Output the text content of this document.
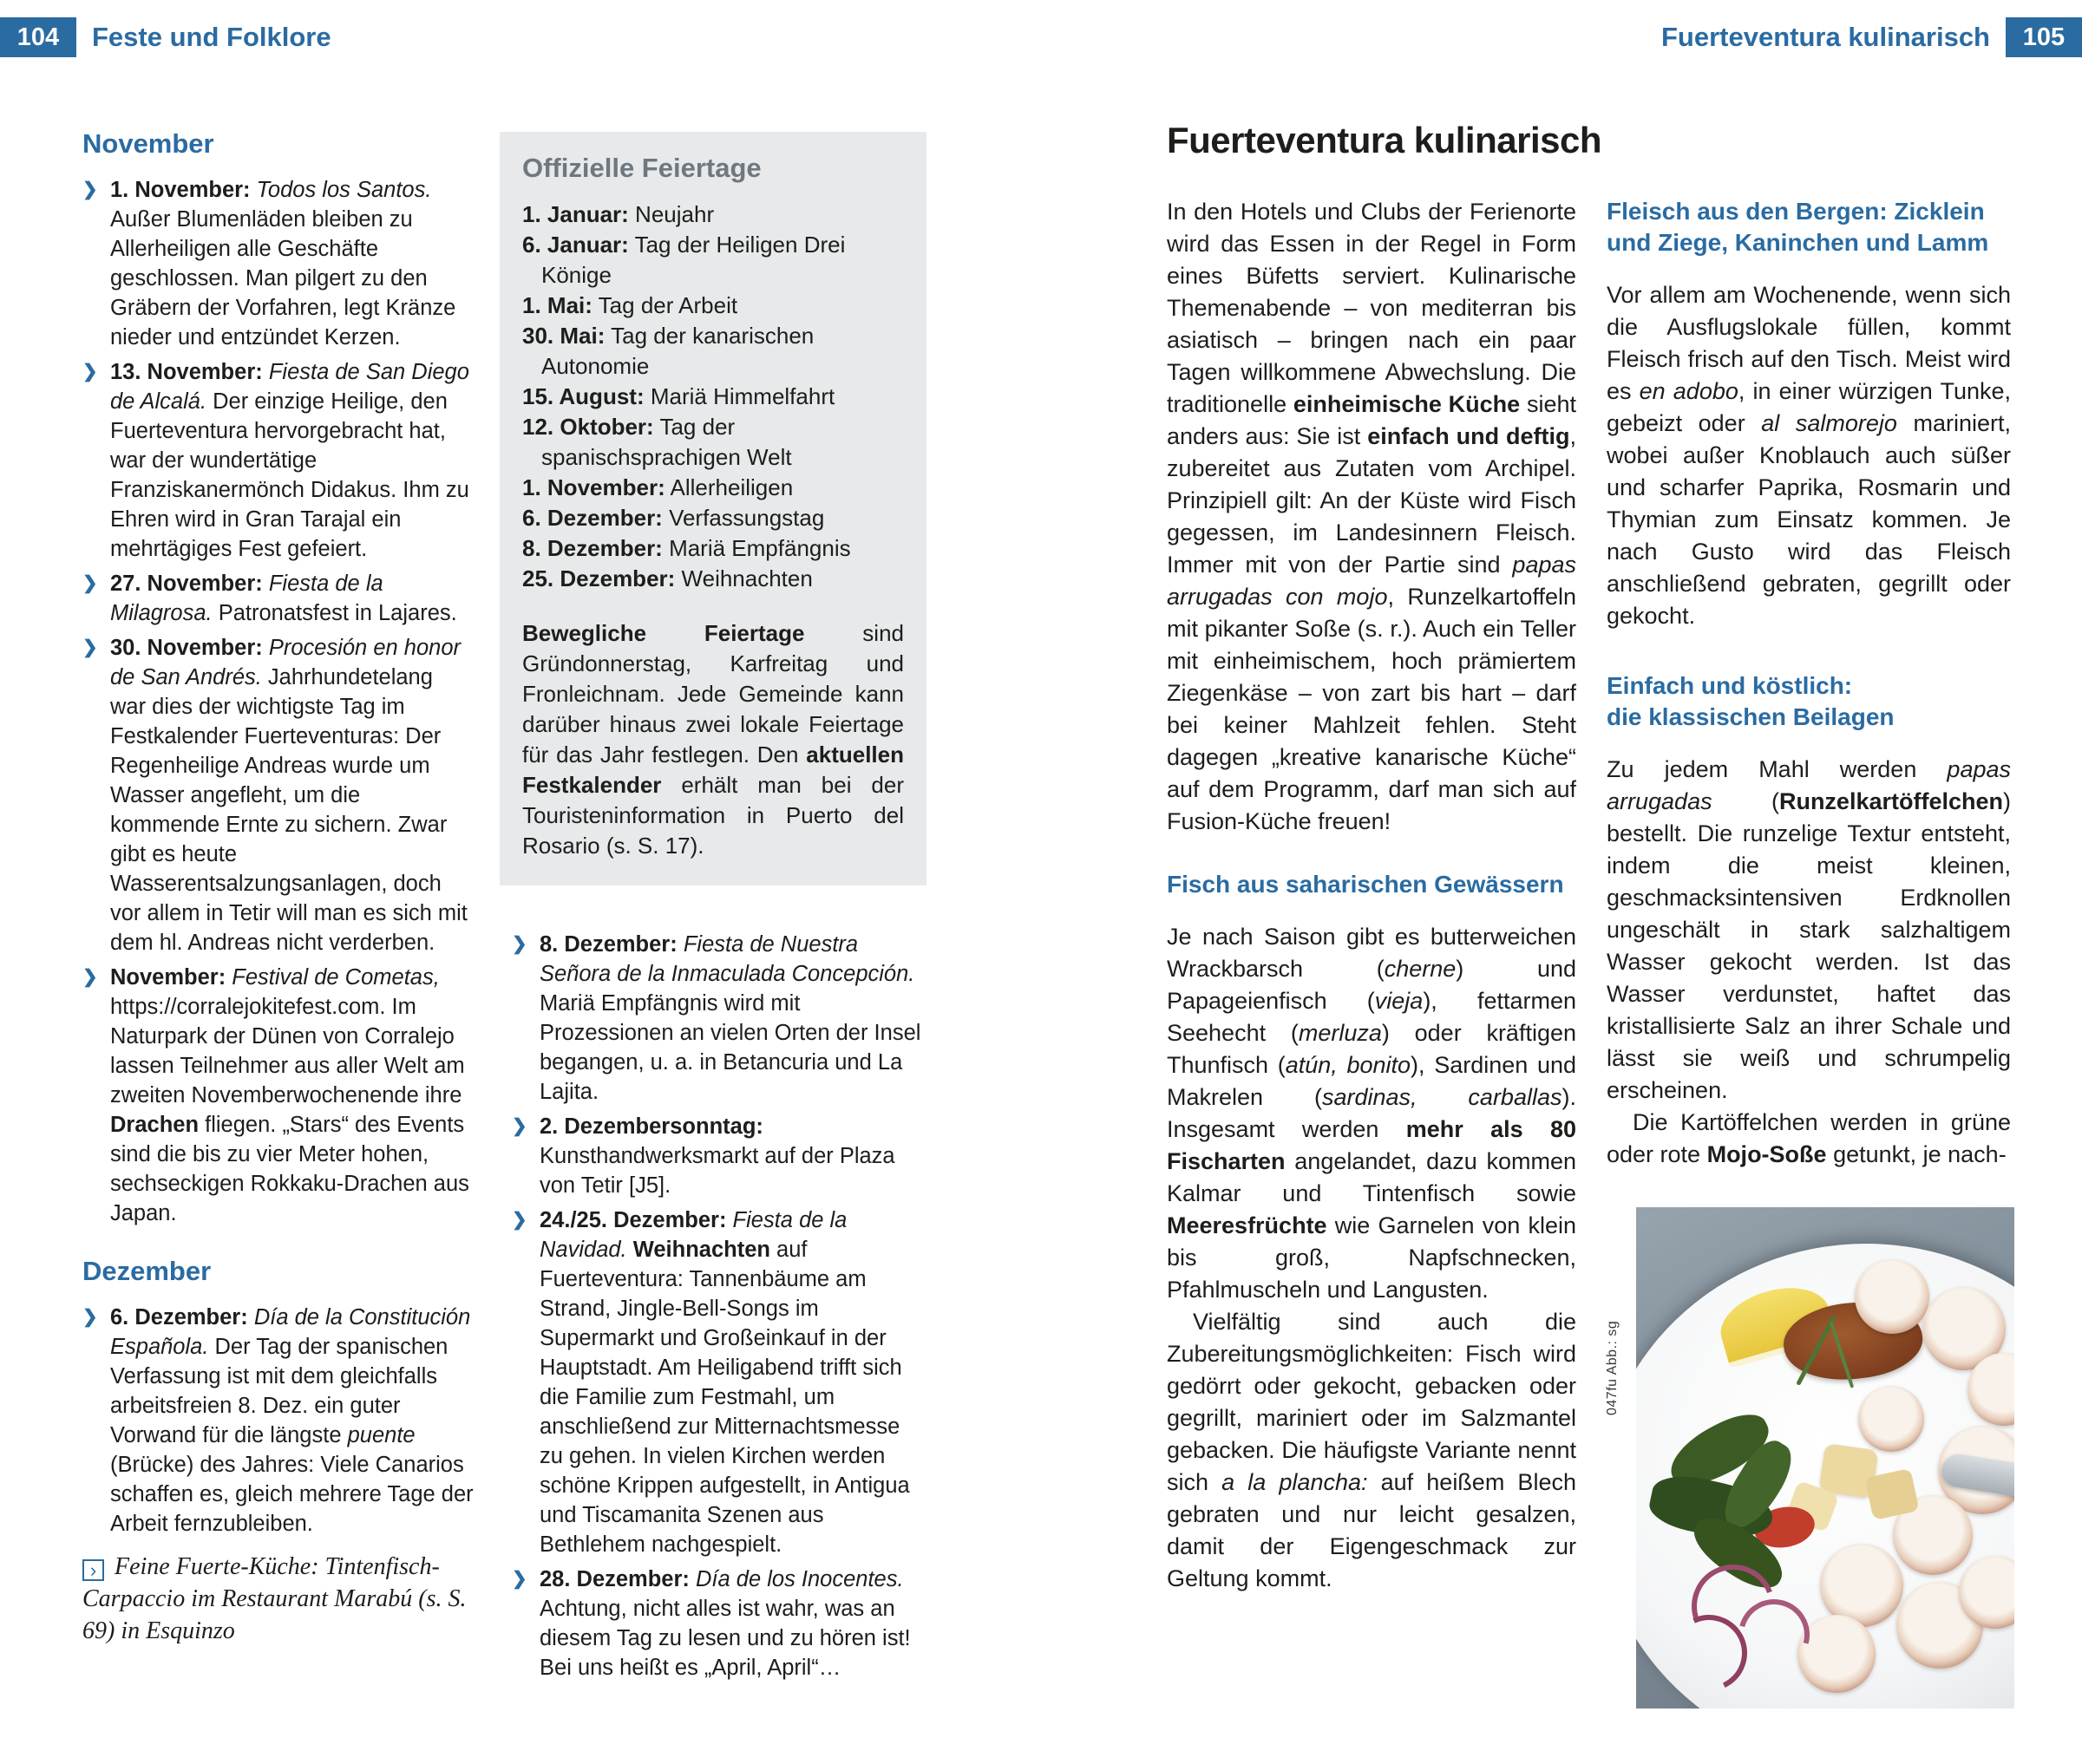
104	Feste und Folklore	Fuerteventura kulinarisch	105
November
❯ 1. November: Todos los Santos. Außer Blumenläden bleiben zu Allerheiligen alle Geschäfte geschlossen. Man pilgert zu den Gräbern der Vorfahren, legt Kränze nieder und entzündet Kerzen.
❯ 13. November: Fiesta de San Diego de Alcalá. Der einzige Heilige, den Fuerteventura hervorgebracht hat, war der wundertätige Franziskanermönch Didakus. Ihm zu Ehren wird in Gran Tarajal ein mehrtägiges Fest gefeiert.
❯ 27. November: Fiesta de la Milagrosa. Patronatsfest in Lajares.
❯ 30. November: Procesión en honor de San Andrés. Jahrhundetelang war dies der wichtigste Tag im Festkalender Fuerteventuras: Der Regenheilige Andreas wurde um Wasser angefleht, um die kommende Ernte zu sichern. Zwar gibt es heute Wasserentsalzungsanlagen, doch vor allem in Tetir will man es sich mit dem hl. Andreas nicht verderben.
❯ November: Festival de Cometas, https://corralejokitefest.com. Im Naturpark der Dünen von Corralejo lassen Teilnehmer aus aller Welt am zweiten Novemberwochenende ihre Drachen fliegen. „Stars“ des Events sind die bis zu vier Meter hohen, sechseckigen Rokkaku-Drachen aus Japan.
Dezember
❯ 6. Dezember: Día de la Constitución Española. Der Tag der spanischen Verfassung ist mit dem gleichfalls arbeitsfreien 8. Dez. ein guter Vorwand für die längste puente (Brücke) des Jahres: Viele Canarios schaffen es, gleich mehrere Tage der Arbeit fernzubleiben.
› Feine Fuerte-Küche: Tintenfisch-Carpaccio im Restaurant Marabú (s. S. 69) in Esquinzo
Offizielle Feiertage
1. Januar: Neujahr
6. Januar: Tag der Heiligen Drei Könige
1. Mai: Tag der Arbeit
30. Mai: Tag der kanarischen Autonomie
15. August: Mariä Himmelfahrt
12. Oktober: Tag der spanischsprachigen Welt
1. November: Allerheiligen
6. Dezember: Verfassungstag
8. Dezember: Mariä Empfängnis
25. Dezember: Weihnachten
Bewegliche Feiertage sind Gründonnerstag, Karfreitag und Fronleichnam. Jede Gemeinde kann darüber hinaus zwei lokale Feiertage für das Jahr festlegen. Den aktuellen Festkalender erhält man bei der Touristeninformation in Puerto del Rosario (s. S. 17).
❯ 8. Dezember: Fiesta de Nuestra Señora de la Inmaculada Concepción. Mariä Empfängnis wird mit Prozessionen an vielen Orten der Insel begangen, u. a. in Betancuria und La Lajita.
❯ 2. Dezembersonntag: Kunsthandwerksmarkt auf der Plaza von Tetir [J5].
❯ 24./25. Dezember: Fiesta de la Navidad. Weihnachten auf Fuerteventura: Tannenbäume am Strand, Jingle-Bell-Songs im Supermarkt und Großeinkauf in der Hauptstadt. Am Heiligabend trifft sich die Familie zum Festmahl, um anschließend zur Mitternachtsmesse zu gehen. In vielen Kirchen werden schöne Krippen aufgestellt, in Antigua und Tiscamanita Szenen aus Bethlehem nachgespielt.
❯ 28. Dezember: Día de los Inocentes. Achtung, nicht alles ist wahr, was an diesem Tag zu lesen und zu hören ist! Bei uns heißt es „April, April“…
Fuerteventura kulinarisch
In den Hotels und Clubs der Ferienorte wird das Essen in der Regel in Form eines Büfetts serviert. Kulinarische Themenabende – von mediterran bis asiatisch – bringen nach ein paar Tagen willkommene Abwechslung. Die traditionelle einheimische Küche sieht anders aus: Sie ist einfach und deftig, zubereitet aus Zutaten vom Archipel. Prinzipiell gilt: An der Küste wird Fisch gegessen, im Landesinnern Fleisch. Immer mit von der Partie sind papas arrugadas con mojo, Runzelkartoffeln mit pikanter Soße (s. r.). Auch ein Teller mit einheimischem, hoch prämiertem Ziegenkäse – von zart bis hart – darf bei keiner Mahlzeit fehlen. Steht dagegen „kreative kanarische Küche“ auf dem Programm, darf man sich auf Fusion-Küche freuen!
Fisch aus saharischen Gewässern
Je nach Saison gibt es butterweichen Wrackbarsch (cherne) und Papageienfisch (vieja), fettarmen Seehecht (merluza) oder kräftigen Thunfisch (atún, bonito), Sardinen und Makrelen (sardinas, carballas). Insgesamt werden mehr als 80 Fischarten angelandet, dazu kommen Kalmar und Tintenfisch sowie Meeresfrüchte wie Garnelen von klein bis groß, Napfschnecken, Pfahlmuscheln und Langusten.
Vielfältig sind auch die Zubereitungsmöglichkeiten: Fisch wird gedörrt oder gekocht, gebacken oder gegrillt, mariniert oder im Salzmantel gebacken. Die häufigste Variante nennt sich a la plancha: auf heißem Blech gebraten und nur leicht gesalzen, damit der Eigengeschmack zur Geltung kommt.
Fleisch aus den Bergen: Zicklein
und Ziege, Kaninchen und Lamm
Vor allem am Wochenende, wenn sich die Ausflugslokale füllen, kommt Fleisch frisch auf den Tisch. Meist wird es en adobo, in einer würzigen Tunke, gebeizt oder al salmorejo mariniert, wobei außer Knoblauch auch süßer und scharfer Paprika, Rosmarin und Thymian zum Einsatz kommen. Je nach Gusto wird das Fleisch anschließend gebraten, gegrillt oder gekocht.
Einfach und köstlich:
die klassischen Beilagen
Zu jedem Mahl werden papas arrugadas (Runzelkartöffelchen) bestellt. Die runzelige Textur entsteht, indem die meist kleinen, geschmacksintensiven Erdknollen ungeschält in stark salzhaltigem Wasser gekocht werden. Ist das Wasser verdunstet, haftet das kristallisierte Salz an ihrer Schale und lässt sie weiß und schrumpelig erscheinen.
Die Kartöffelchen werden in grüne oder rote Mojo-Soße getunkt, je nach-
047fu Abb.: sg
